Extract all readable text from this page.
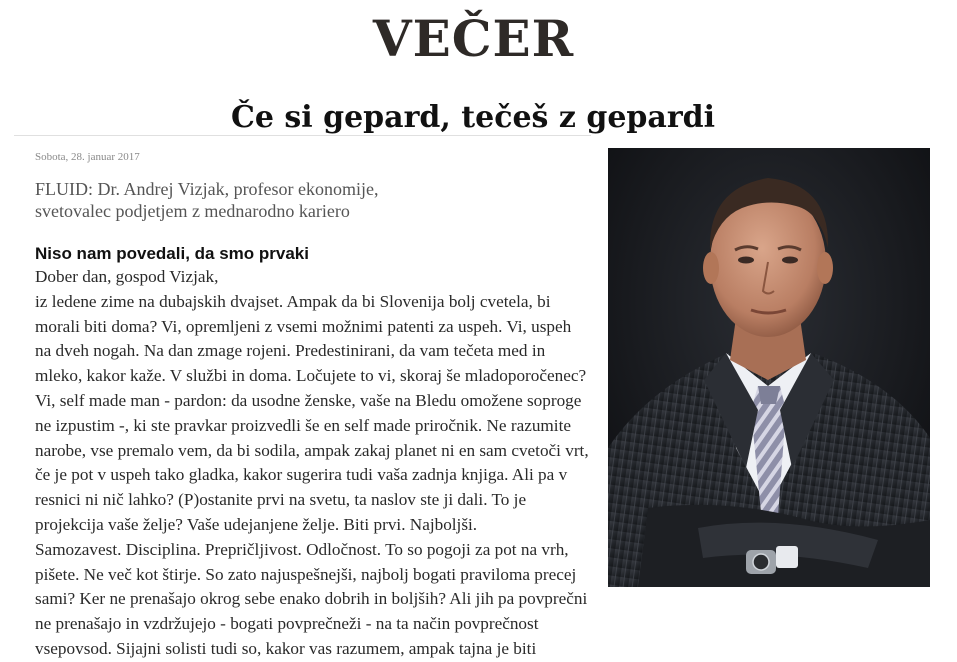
VEČER
Če si gepard, tečeš z gepardi

Sobota, 28. januar 2017

FLUID: Dr. Andrej Vizjak, profesor ekonomije,
svetovalec podjetjem z mednarodno kariero

Niso nam povedali, da smo prvaki

Dober dan, gospod Vizjak,
iz ledene zime na dubajskih dvajset. Ampak da bi Slovenija bolj cvetela, bi
morali biti doma? Vi, opremljeni z vsemi možnimi patenti za uspeh. Vi, uspeh
na dveh nogah. Na dan zmage rojeni. Predestinirani, da vam tečeta med in
mleko, kakor kaže. V službi in doma. Ločujete to vi, skoraj še mladoporočenec?
Vi, self made man - pardon: da usodne ženske, vaše na Bledu omožene soproge
ne izpustim -, ki ste pravkar proizvedli še en self made priročnik. Ne razumite
narobe, vse premalo vem, da bi sodila, ampak zakaj planet ni en sam cvetoči vrt,
če je pot v uspeh tako gladka, kakor sugerira tudi vaša zadnja knjiga. Ali pa v
resnici ni nič lahko? (P)ostanite prvi na svetu, ta naslov ste ji dali. To je
projekcija vaše želje? Vaše udejanjene želje. Biti prvi. Najboljši.
Samozavest. Disciplina. Prepričljivost. Odločnost. To so pogoji za pot na vrh,
pišete. Ne več kot štirje. So zato najuspešnejši, najbolj bogati praviloma precej
sami? Ker ne prenašajo okrog sebe enako dobrih in boljših? Ali jih pa povprečni
ne prenašajo in vzdržujejo - bogati povprečneži - na ta način povprečnost
vsepovsod. Sijajni solisti tudi so, kakor vas razumem, ampak tajna je biti
